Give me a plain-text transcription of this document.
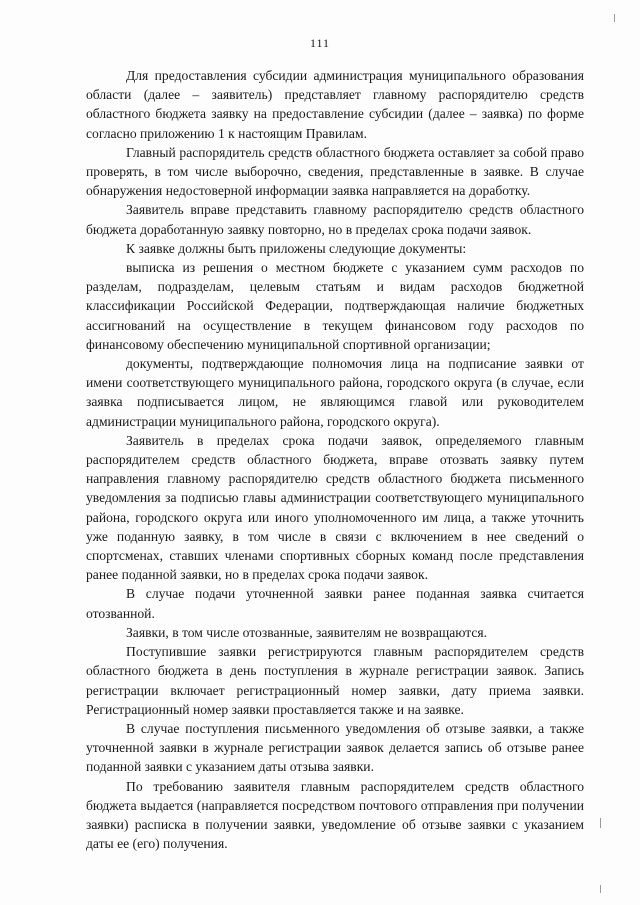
111

Для предоставления субсидии администрация муниципального образования области (далее – заявитель) представляет главному распорядителю средств областного бюджета заявку на предоставление субсидии (далее – заявка) по форме согласно приложению 1 к настоящим Правилам.

Главный распорядитель средств областного бюджета оставляет за собой право проверять, в том числе выборочно, сведения, представленные в заявке. В случае обнаружения недостоверной информации заявка направляется на доработку.

Заявитель вправе представить главному распорядителю средств областного бюджета доработанную заявку повторно, но в пределах срока подачи заявок.

К заявке должны быть приложены следующие документы:

выписка из решения о местном бюджете с указанием сумм расходов по разделам, подразделам, целевым статьям и видам расходов бюджетной классификации Российской Федерации, подтверждающая наличие бюджетных ассигнований на осуществление в текущем финансовом году расходов по финансовому обеспечению муниципальной спортивной организации;

документы, подтверждающие полномочия лица на подписание заявки от имени соответствующего муниципального района, городского округа (в случае, если заявка подписывается лицом, не являющимся главой или руководителем администрации муниципального района, городского округа).

Заявитель в пределах срока подачи заявок, определяемого главным распорядителем средств областного бюджета, вправе отозвать заявку путем направления главному распорядителю средств областного бюджета письменного уведомления за подписью главы администрации соответствующего муниципального района, городского округа или иного уполномоченного им лица, а также уточнить уже поданную заявку, в том числе в связи с включением в нее сведений о спортсменах, ставших членами спортивных сборных команд после представления ранее поданной заявки, но в пределах срока подачи заявок.

В случае подачи уточненной заявки ранее поданная заявка считается отозванной.

Заявки, в том числе отозванные, заявителям не возвращаются.

Поступившие заявки регистрируются главным распорядителем средств областного бюджета в день поступления в журнале регистрации заявок. Запись регистрации включает регистрационный номер заявки, дату приема заявки. Регистрационный номер заявки проставляется также и на заявке.

В случае поступления письменного уведомления об отзыве заявки, а также уточненной заявки в журнале регистрации заявок делается запись об отзыве ранее поданной заявки с указанием даты отзыва заявки.

По требованию заявителя главным распорядителем средств областного бюджета выдается (направляется посредством почтового отправления при получении заявки) расписка в получении заявки, уведомление об отзыве заявки с указанием даты ее (его) получения.
